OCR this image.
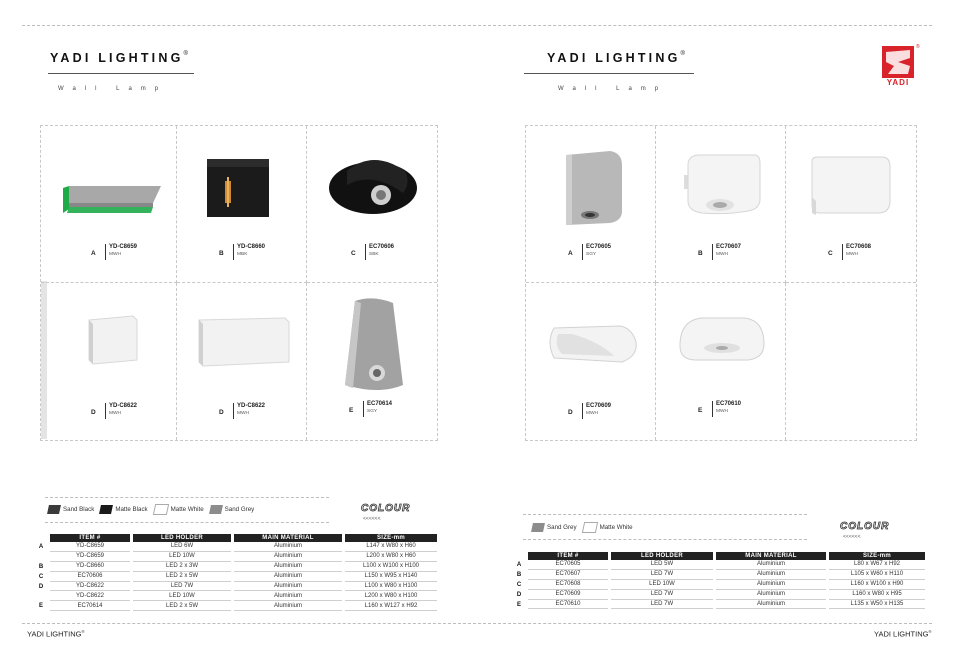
YADI LIGHTING®
Wall Lamp
A
YD-C8659
MWH	B
YD-C8660
MBK	C
EC70606
SBK
D
YD-C8622
MWH	D
YD-C8622
MWH	E
EC70614
SGY
Sand Black	Matte Black	Matte White	Sand Grey	COLOUR
<<<<<<
	ITEM #	LED HOLDER	MAIN MATERIAL	SIZE-mm
A	YD-C8659	LED 6W	Aluminium	L147 x W80 x H60
	YD-C8659	LED 10W	Aluminium	L200 x W80 x H60
B	YD-C8660	LED 2 x 3W	Aluminium	L100 x W100 x H100
C	EC70606	LED 2 x 5W	Aluminium	L150 x W95 x H140
D	YD-C8622	LED 7W	Aluminium	L100 x W80 x H100
	YD-C8622	LED 10W	Aluminium	L200 x W80 x H100
E	EC70614	LED 2 x 5W	Aluminium	L160 x W127 x H92
YADI LIGHTING®
YADI LIGHTING®
Wall Lamp
YADI
®
A
EC70605
SGY	B
EC70607
MWH	C
EC70608
MWH
D
EC70609
MWH	E
EC70610
MWH
Sand Grey	Matte White	COLOUR
<<<<<<
	ITEM #	LED HOLDER	MAIN MATERIAL	SIZE-mm
A	EC70605	LED 5W	Aluminium	L80 x W67 x H92
B	EC70607	LED 7W	Aluminium	L105 x W60 x H110
C	EC70608	LED 10W	Aluminium	L160 x W100 x H90
D	EC70609	LED 7W	Aluminium	L160 x W80 x H95
E	EC70610	LED 7W	Aluminium	L135 x W50 x H135
YADI LIGHTING®
